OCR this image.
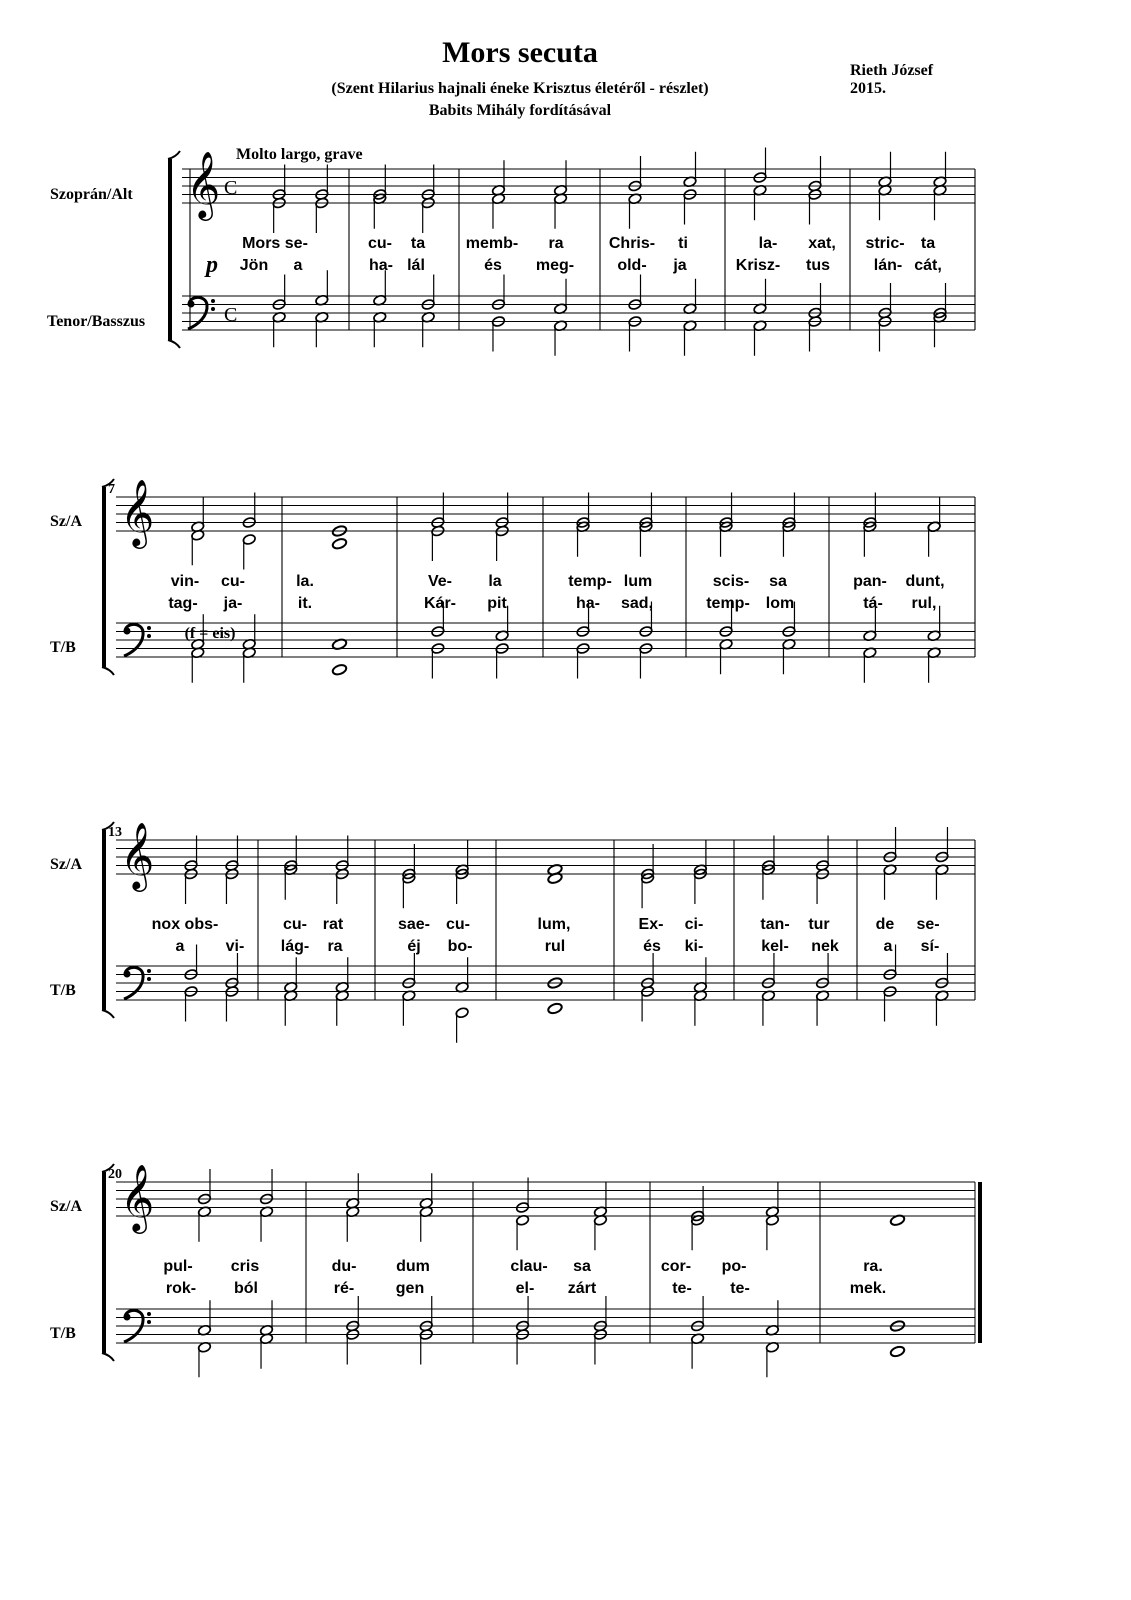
Mors secuta
(Szent Hilarius hajnali éneke Krisztus életéről - részlet)
Babits Mihály fordításával
Rieth József
2015.
Molto largo, grave
Szoprán/Alt
Tenor/Basszus
Sz/A
T/B
Sz/A
T/B
Sz/A
T/B
𝄞 C
C
𝄞
𝄞
𝄞
p
7
13
20
Mors se-	cu- ta	memb- ra	Chris- ti	la- xat, stric- ta
vin- cu-	la.	Ve- la	temp- lum	scis- sa	pan- dunt,
nox obs-	cu- rat	sae- cu-	lum,	Ex- ci-	tan- tur	de se-
pul- cris	du- dum	clau- sa	cor- po-	ra.
Jön a	ha- lál	és meg-	old- ja	Krisz- tus	lán- cát,
tag- ja-	it.	Kár- pit	ha- sad,	temp- lom	tá- rul,
a	vi- lág- ra	éj bo-	rul	és ki-	kel- nek	a sí-
rok- ból	ré-	gen	el- zárt	te- te-	mek.
(f = eis)
